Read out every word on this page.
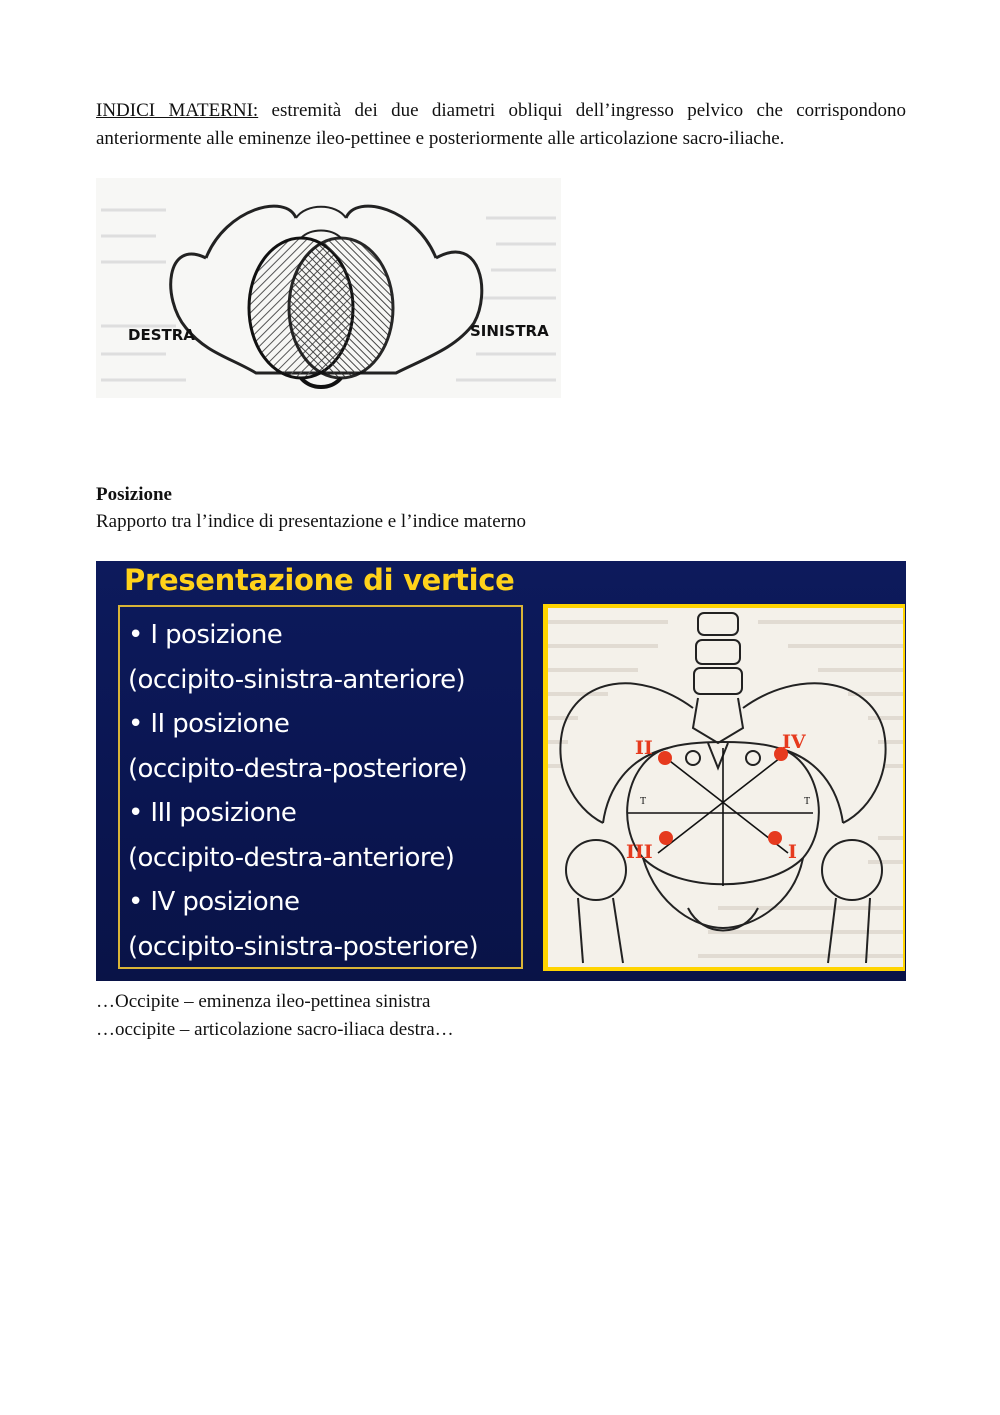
INDICI MATERNI: estremità dei due diametri obliqui dell’ingresso pelvico che corrispondono anteriormente alle eminenze ileo-pettinee e posteriormente alle articolazione sacro-iliache.
DESTRA	SINISTRA
Posizione
Rapporto tra l’indice di presentazione e l’indice materno
Presentazione di vertice
• I posizione
(occipito-sinistra-anteriore)
• II posizione
(occipito-destra-posteriore)
• III posizione
(occipito-destra-anteriore)
• IV posizione
(occipito-sinistra-posteriore)
II	IV
III	I
T	T
…Occipite – eminenza ileo-pettinea sinistra
…occipite – articolazione sacro-iliaca destra…
